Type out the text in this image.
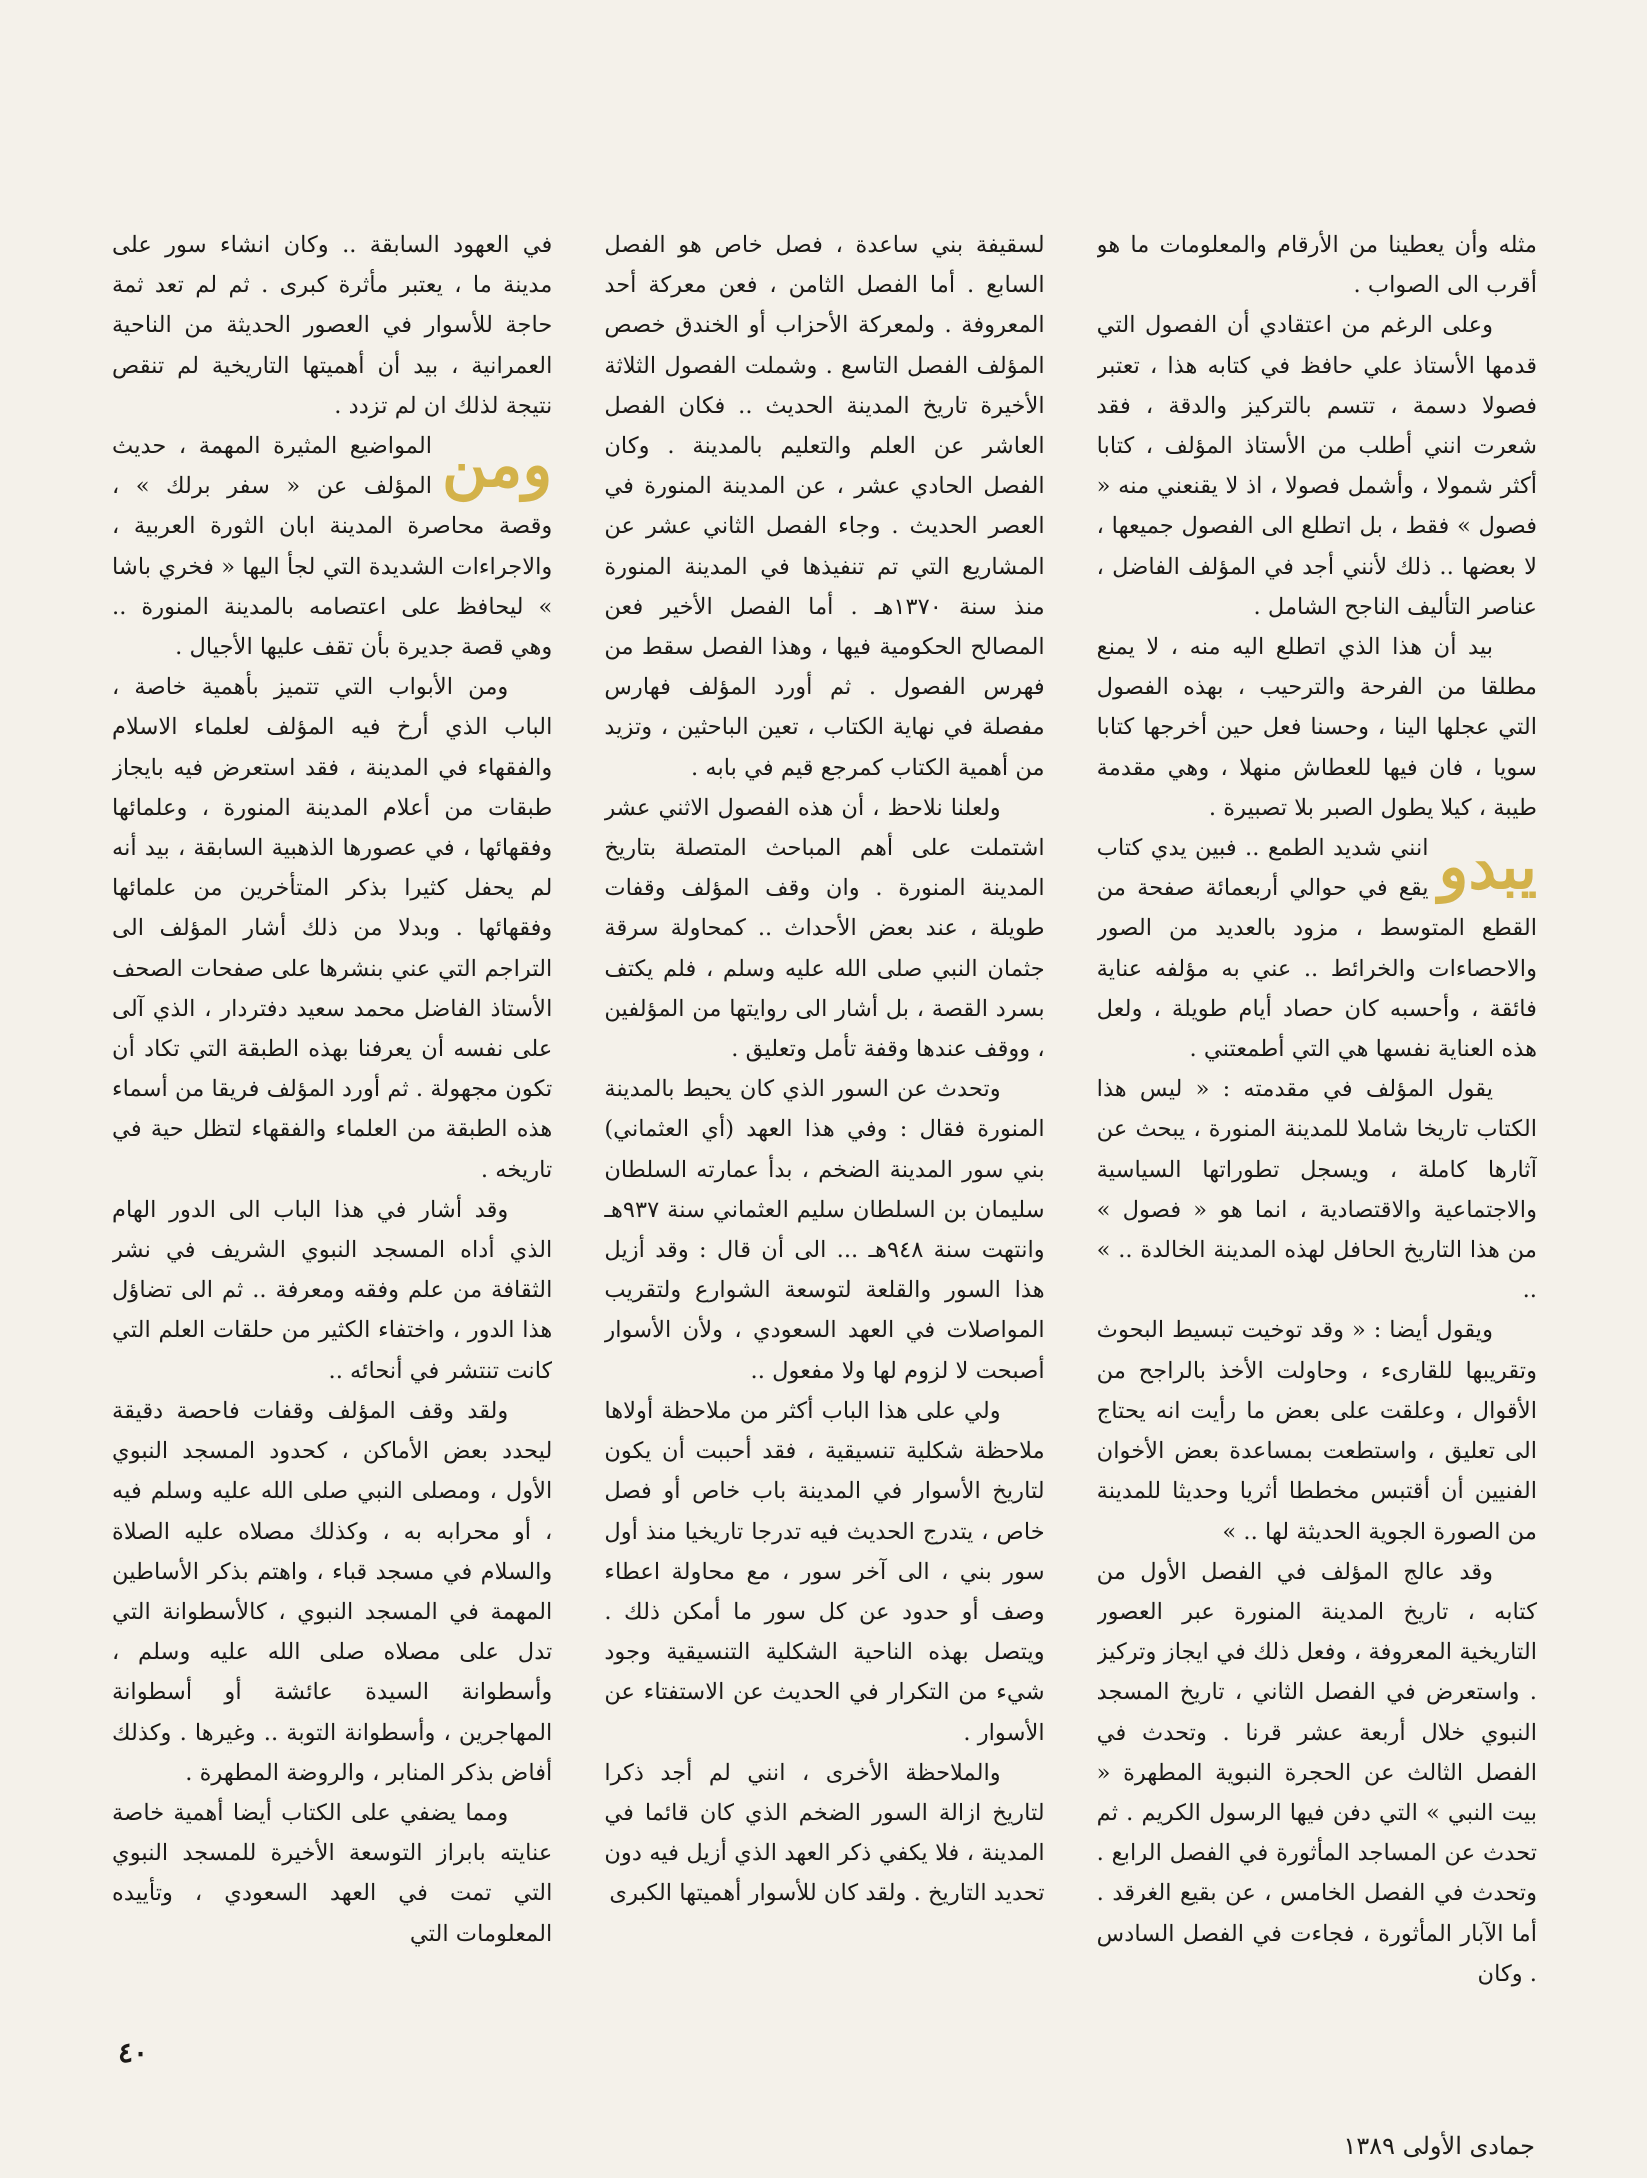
مثله وأن يعطينا من الأرقام والمعلومات ما هو أقرب الى الصواب .

وعلى الرغم من اعتقادي أن الفصول التي قدمها الأستاذ علي حافظ في كتابه هذا ، تعتبر فصولا دسمة ، تتسم بالتركيز والدقة ، فقد شعرت انني أطلب من الأستاذ المؤلف ، كتابا أكثر شمولا ، وأشمل فصولا ، اذ لا يقنعني منه « فصول » فقط ، بل اتطلع الى الفصول جميعها ، لا بعضها .. ذلك لأنني أجد في المؤلف الفاضل ، عناصر التأليف الناجح الشامل .

بيد أن هذا الذي اتطلع اليه منه ، لا يمنع مطلقا من الفرحة والترحيب ، بهذه الفصول التي عجلها الينا ، وحسنا فعل حين أخرجها كتابا سويا ، فان فيها للعطاش منهلا ، وهي مقدمة طيبة ، كيلا يطول الصبر بلا تصبيرة .

يبدو
انني شديد الطمع .. فبين يدي كتاب يقع في حوالي أربعمائة صفحة من القطع المتوسط ، مزود بالعديد من الصور والاحصاءات والخرائط .. عني به مؤلفه عناية فائقة ، وأحسبه كان حصاد أيام طويلة ، ولعل هذه العناية نفسها هي التي أطمعتني .

يقول المؤلف في مقدمته : « ليس هذا الكتاب تاريخا شاملا للمدينة المنورة ، يبحث عن آثارها كاملة ، ويسجل تطوراتها السياسية والاجتماعية والاقتصادية ، انما هو « فصول » من هذا التاريخ الحافل لهذه المدينة الخالدة .. » ..

ويقول أيضا : « وقد توخيت تبسيط البحوث وتقريبها للقارىء ، وحاولت الأخذ بالراجح من الأقوال ، وعلقت على بعض ما رأيت انه يحتاج الى تعليق ، واستطعت بمساعدة بعض الأخوان الفنيين أن أقتبس مخططا أثريا وحديثا للمدينة من الصورة الجوية الحديثة لها .. »

وقد عالج المؤلف في الفصل الأول من كتابه ، تاريخ المدينة المنورة عبر العصور التاريخية المعروفة ، وفعل ذلك في ايجاز وتركيز . واستعرض في الفصل الثاني ، تاريخ المسجد النبوي خلال أربعة عشر قرنا . وتحدث في الفصل الثالث عن الحجرة النبوية المطهرة « بيت النبي » التي دفن فيها الرسول الكريم . ثم تحدث عن المساجد المأثورة في الفصل الرابع . وتحدث في الفصل الخامس ، عن بقيع الغرقد . أما الآبار المأثورة ، فجاءت في الفصل السادس . وكان

لسقيفة بني ساعدة ، فصل خاص هو الفصل السابع . أما الفصل الثامن ، فعن معركة أحد المعروفة . ولمعركة الأحزاب أو الخندق خصص المؤلف الفصل التاسع . وشملت الفصول الثلاثة الأخيرة تاريخ المدينة الحديث .. فكان الفصل العاشر عن العلم والتعليم بالمدينة . وكان الفصل الحادي عشر ، عن المدينة المنورة في العصر الحديث . وجاء الفصل الثاني عشر عن المشاريع التي تم تنفيذها في المدينة المنورة منذ سنة ١٣٧٠هـ . أما الفصل الأخير فعن المصالح الحكومية فيها ، وهذا الفصل سقط من فهرس الفصول . ثم أورد المؤلف فهارس مفصلة في نهاية الكتاب ، تعين الباحثين ، وتزيد من أهمية الكتاب كمرجع قيم في بابه .

ولعلنا نلاحظ ، أن هذه الفصول الاثني عشر اشتملت على أهم المباحث المتصلة بتاريخ المدينة المنورة . وان وقف المؤلف وقفات طويلة ، عند بعض الأحداث .. كمحاولة سرقة جثمان النبي صلى الله عليه وسلم ، فلم يكتف بسرد القصة ، بل أشار الى روايتها من المؤلفين ، ووقف عندها وقفة تأمل وتعليق .

وتحدث عن السور الذي كان يحيط بالمدينة المنورة فقال : وفي هذا العهد (أي العثماني) بني سور المدينة الضخم ، بدأ عمارته السلطان سليمان بن السلطان سليم العثماني سنة ٩٣٧هـ وانتهت سنة ٩٤٨هـ ... الى أن قال : وقد أزيل هذا السور والقلعة لتوسعة الشوارع ولتقريب المواصلات في العهد السعودي ، ولأن الأسوار أصبحت لا لزوم لها ولا مفعول ..

ولي على هذا الباب أكثر من ملاحظة أولاها ملاحظة شكلية تنسيقية ، فقد أحببت أن يكون لتاريخ الأسوار في المدينة باب خاص أو فصل خاص ، يتدرج الحديث فيه تدرجا تاريخيا منذ أول سور بني ، الى آخر سور ، مع محاولة اعطاء وصف أو حدود عن كل سور ما أمكن ذلك . ويتصل بهذه الناحية الشكلية التنسيقية وجود شيء من التكرار في الحديث عن الاستفتاء عن الأسوار .

والملاحظة الأخرى ، انني لم أجد ذكرا لتاريخ ازالة السور الضخم الذي كان قائما في المدينة ، فلا يكفي ذكر العهد الذي أزيل فيه دون تحديد التاريخ . ولقد كان للأسوار أهميتها الكبرى

في العهود السابقة .. وكان انشاء سور على مدينة ما ، يعتبر مأثرة كبرى . ثم لم تعد ثمة حاجة للأسوار في العصور الحديثة من الناحية العمرانية ، بيد أن أهميتها التاريخية لم تنقص نتيجة لذلك ان لم تزدد .

ومن
المواضيع المثيرة المهمة ، حديث المؤلف عن « سفر برلك » ، وقصة محاصرة المدينة ابان الثورة العربية ، والاجراءات الشديدة التي لجأ اليها « فخري باشا » ليحافظ على اعتصامه بالمدينة المنورة .. وهي قصة جديرة بأن تقف عليها الأجيال .

ومن الأبواب التي تتميز بأهمية خاصة ، الباب الذي أرخ فيه المؤلف لعلماء الاسلام والفقهاء في المدينة ، فقد استعرض فيه بايجاز طبقات من أعلام المدينة المنورة ، وعلمائها وفقهائها ، في عصورها الذهبية السابقة ، بيد أنه لم يحفل كثيرا بذكر المتأخرين من علمائها وفقهائها . وبدلا من ذلك أشار المؤلف الى التراجم التي عني بنشرها على صفحات الصحف الأستاذ الفاضل محمد سعيد دفتردار ، الذي آلى على نفسه أن يعرفنا بهذه الطبقة التي تكاد أن تكون مجهولة . ثم أورد المؤلف فريقا من أسماء هذه الطبقة من العلماء والفقهاء لتظل حية في تاريخه .

وقد أشار في هذا الباب الى الدور الهام الذي أداه المسجد النبوي الشريف في نشر الثقافة من علم وفقه ومعرفة .. ثم الى تضاؤل هذا الدور ، واختفاء الكثير من حلقات العلم التي كانت تنتشر في أنحائه ..

ولقد وقف المؤلف وقفات فاحصة دقيقة ليحدد بعض الأماكن ، كحدود المسجد النبوي الأول ، ومصلى النبي صلى الله عليه وسلم فيه ، أو محرابه به ، وكذلك مصلاه عليه الصلاة والسلام في مسجد قباء ، واهتم بذكر الأساطين المهمة في المسجد النبوي ، كالأسطوانة التي تدل على مصلاه صلى الله عليه وسلم ، وأسطوانة السيدة عائشة أو أسطوانة المهاجرين ، وأسطوانة التوبة .. وغيرها . وكذلك أفاض بذكر المنابر ، والروضة المطهرة .

ومما يضفي على الكتاب أيضا أهمية خاصة عنايته بابراز التوسعة الأخيرة للمسجد النبوي التي تمت في العهد السعودي ، وتأييده المعلومات التي

٤٠
جمادى الأولى ١٣٨٩
